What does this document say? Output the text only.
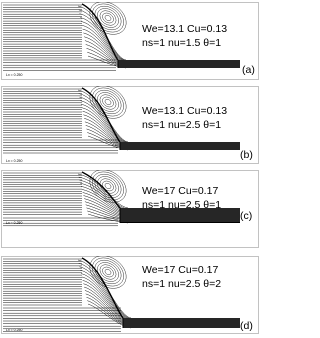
We=13.1 Cu=0.13
ns=1 nu=1.5 θ=1
(a)
Lx = 0.250
We=13.1 Cu=0.13
ns=1 nu=2.5 θ=1
(b)
Lx = 0.250
We=17 Cu=0.17
ns=1 nu=2.5 θ=1
(c)
Lx = 0.250
We=17 Cu=0.17
ns=1 nu=2.5 θ=2
(d)
Lx = 0.250
